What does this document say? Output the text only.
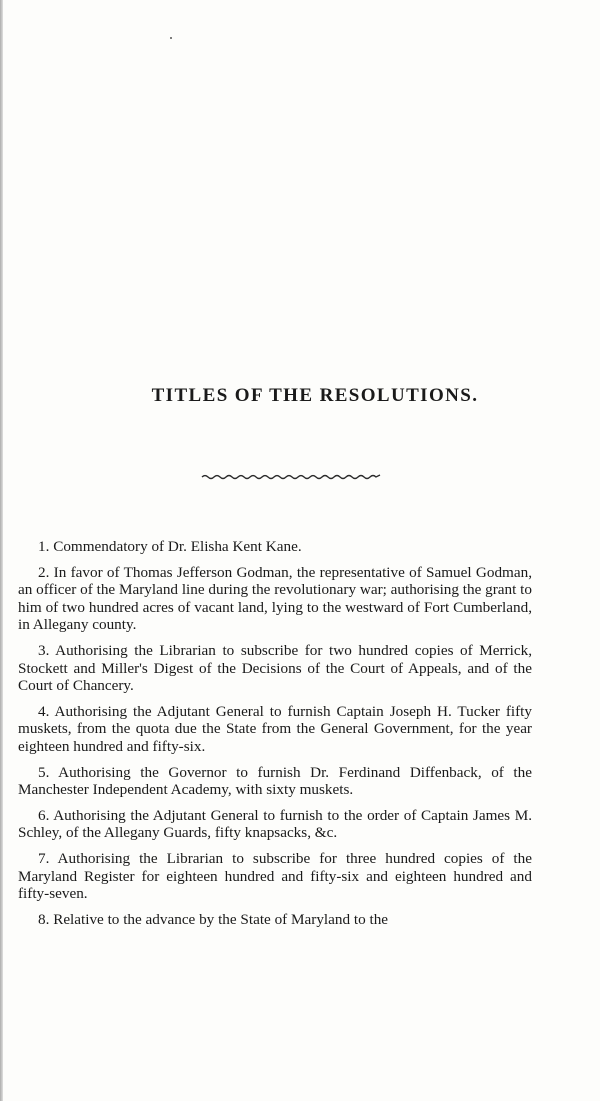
TITLES OF THE RESOLUTIONS.

1. Commendatory of Dr. Elisha Kent Kane.

2. In favor of Thomas Jefferson Godman, the representative of Samuel Godman, an officer of the Maryland line during the revolutionary war; authorising the grant to him of two hundred acres of vacant land, lying to the westward of Fort Cumberland, in Allegany county.

3. Authorising the Librarian to subscribe for two hundred copies of Merrick, Stockett and Miller's Digest of the Decisions of the Court of Appeals, and of the Court of Chancery.

4. Authorising the Adjutant General to furnish Captain Joseph H. Tucker fifty muskets, from the quota due the State from the General Government, for the year eighteen hundred and fifty-six.

5. Authorising the Governor to furnish Dr. Ferdinand Diffenback, of the Manchester Independent Academy, with sixty muskets.

6. Authorising the Adjutant General to furnish to the order of Captain James M. Schley, of the Allegany Guards, fifty knapsacks, &c.

7. Authorising the Librarian to subscribe for three hundred copies of the Maryland Register for eighteen hundred and fifty-six and eighteen hundred and fifty-seven.

8. Relative to the advance by the State of Maryland to the
